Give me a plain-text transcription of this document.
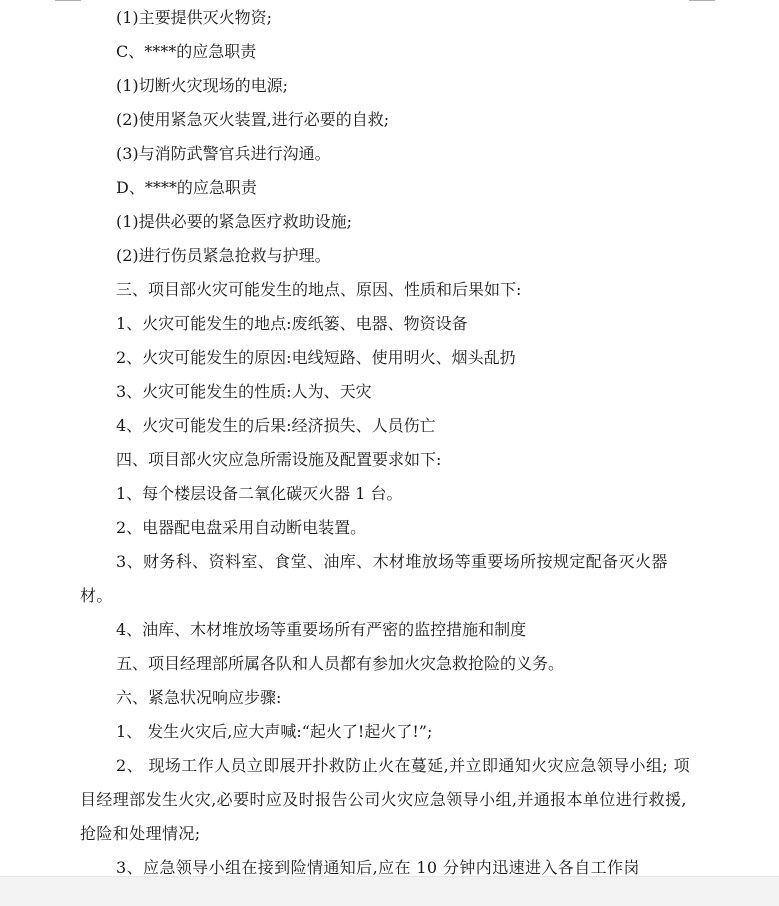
(1)主要提供灭火物资;

C、****的应急职责

(1)切断火灾现场的电源;

(2)使用紧急灭火装置,进行必要的自救;

(3)与消防武警官兵进行沟通。

D、****的应急职责

(1)提供必要的紧急医疗救助设施;

(2)进行伤员紧急抢救与护理。

三、项目部火灾可能发生的地点、原因、性质和后果如下:

1、火灾可能发生的地点:废纸篓、电器、物资设备

2、火灾可能发生的原因:电线短路、使用明火、烟头乱扔

3、火灾可能发生的性质:人为、天灾

4、火灾可能发生的后果:经济损失、人员伤亡

四、项目部火灾应急所需设施及配置要求如下:

1、每个楼层设备二氧化碳灭火器 1 台。

2、电器配电盘采用自动断电装置。

3、财务科、资料室、食堂、油库、木材堆放场等重要场所按规定配备灭火器材。

4、油库、木材堆放场等重要场所有严密的监控措施和制度

五、项目经理部所属各队和人员都有参加火灾急救抢险的义务。

六、紧急状况响应步骤:

1、 发生火灾后,应大声喊:“起火了!起火了!”;

2、 现场工作人员立即展开扑救防止火在蔓延,并立即通知火灾应急领导小组; 项目经理部发生火灾,必要时应及时报告公司火灾应急领导小组,并通报本单位进行救援,抢险和处理情况;

3、应急领导小组在接到险情通知后,应在 10 分钟内迅速进入各自工作岗
